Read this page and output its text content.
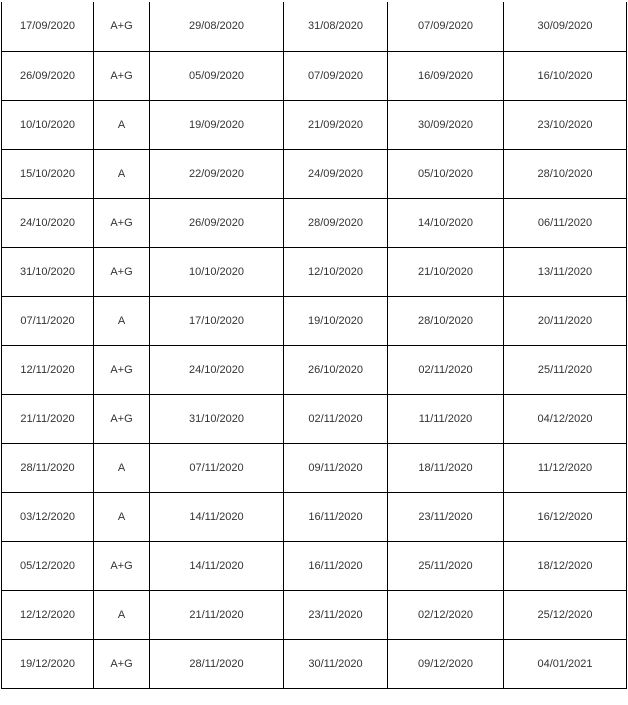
17/09/2020	A+G	29/08/2020	31/08/2020	07/09/2020	30/09/2020
26/09/2020	A+G	05/09/2020	07/09/2020	16/09/2020	16/10/2020
10/10/2020	A	19/09/2020	21/09/2020	30/09/2020	23/10/2020
15/10/2020	A	22/09/2020	24/09/2020	05/10/2020	28/10/2020
24/10/2020	A+G	26/09/2020	28/09/2020	14/10/2020	06/11/2020
31/10/2020	A+G	10/10/2020	12/10/2020	21/10/2020	13/11/2020
07/11/2020	A	17/10/2020	19/10/2020	28/10/2020	20/11/2020
12/11/2020	A+G	24/10/2020	26/10/2020	02/11/2020	25/11/2020
21/11/2020	A+G	31/10/2020	02/11/2020	11/11/2020	04/12/2020
28/11/2020	A	07/11/2020	09/11/2020	18/11/2020	11/12/2020
03/12/2020	A	14/11/2020	16/11/2020	23/11/2020	16/12/2020
05/12/2020	A+G	14/11/2020	16/11/2020	25/11/2020	18/12/2020
12/12/2020	A	21/11/2020	23/11/2020	02/12/2020	25/12/2020
19/12/2020	A+G	28/11/2020	30/11/2020	09/12/2020	04/01/2021
